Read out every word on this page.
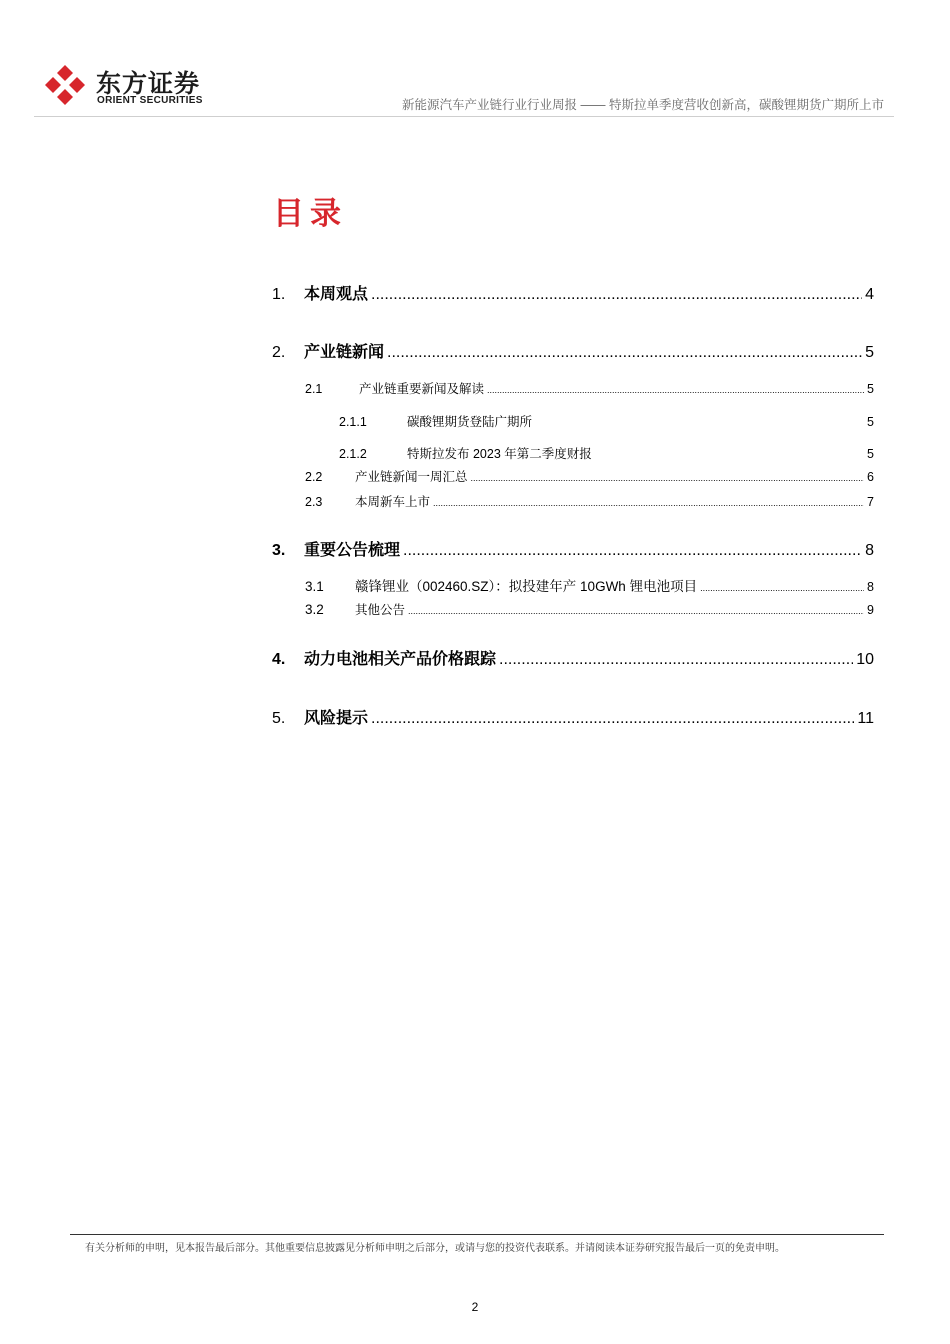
东方证券
ORIENT SECURITIES	新能源汽车产业链行业行业周报 —— 特斯拉单季度营收创新高，碳酸锂期货广期所上市
目录
1.	本周观点 .....	4
2.	产业链新闻 .....	5
2.1	产业链重要新闻及解读 .....	5
2.1.1	碳酸锂期货登陆广期所	5
2.1.2	特斯拉发布 2023 年第二季度财报	5
2.2	产业链新闻一周汇总 .....	6
2.3	本周新车上市 .....	7
3.	重要公告梳理 .....	8
3.1	赣锋锂业（002460.SZ）：拟投建年产 10GWh 锂电池项目 .....	8
3.2	其他公告 .....	9
4.	动力电池相关产品价格跟踪 .....	10
5.	风险提示 .....	11
有关分析师的申明，见本报告最后部分。其他重要信息披露见分析师申明之后部分，或请与您的投资代表联系。并请阅读本证券研究报告最后一页的免责申明。
2
